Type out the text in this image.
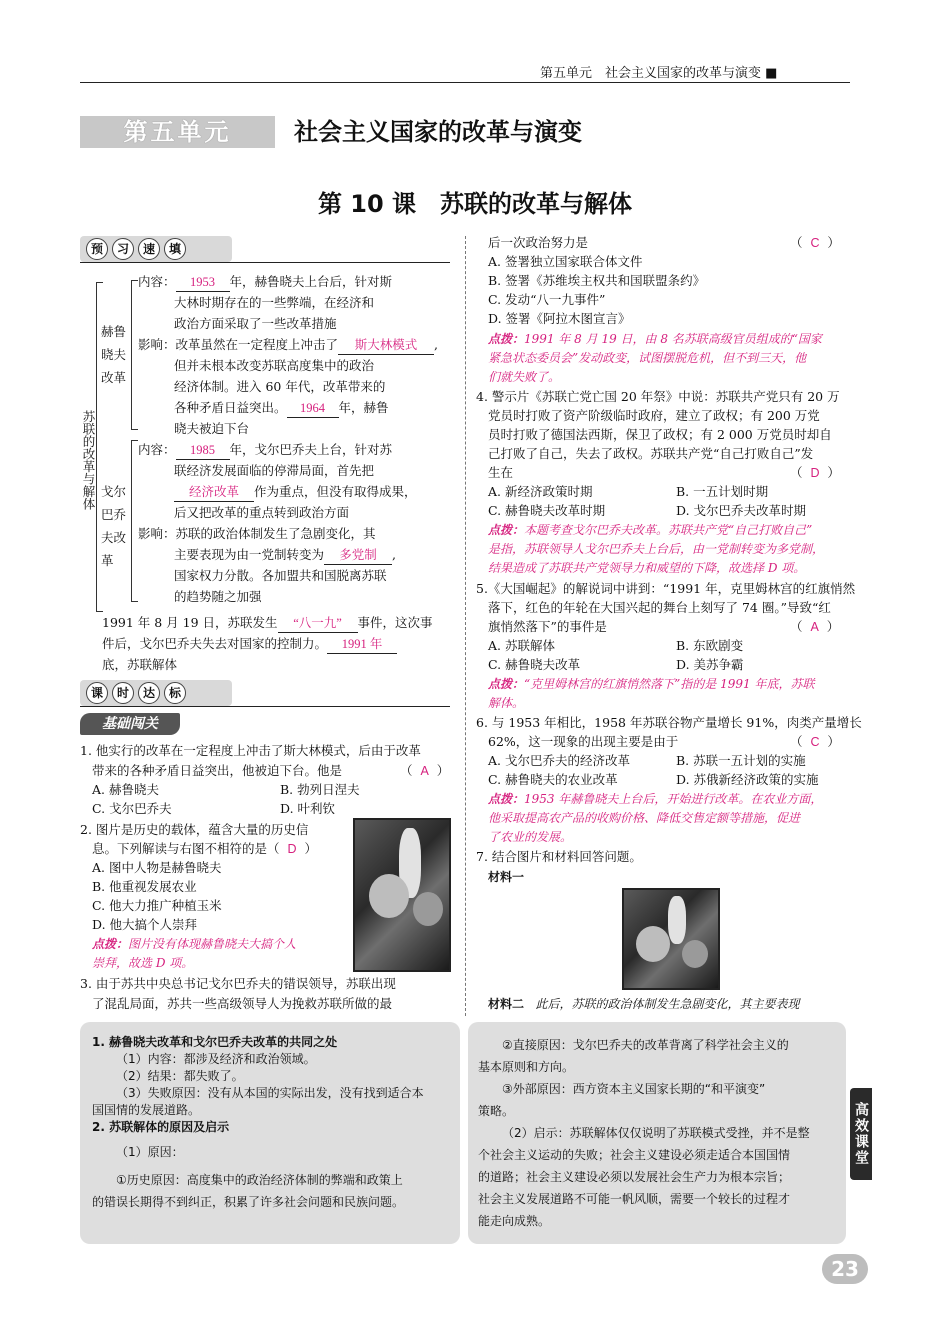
第五单元　社会主义国家的改革与演变 ■
第五单元	社会主义国家的改革与演变
第 10 课　苏联的改革与解体
预	习	速	填
苏联的改革与解体
赫鲁晓夫改革
戈尔巴乔夫改革
内容： 1953 年，赫鲁晓夫上台后，针对斯
大林时期存在的一些弊端，在经济和
政治方面采取了一些改革措施
影响：改革虽然在一定程度上冲击了 斯大林模式 ,
但并未根本改变苏联高度集中的政治
经济体制。进入 60 年代，改革带来的
各种矛盾日益突出。 1964 年，赫鲁
晓夫被迫下台
内容： 1985 年，戈尔巴乔夫上台，针对苏
联经济发展面临的停滞局面，首先把
经济改革 作为重点，但没有取得成果，
后又把改革的重点转到政治方面
影响：苏联的政治体制发生了急剧变化，其
主要表现为由一党制转变为 多党制 ,
国家权力分散。各加盟共和国脱离苏联
的趋势随之加强
1991 年 8 月 19 日，苏联发生 “八一九” 事件，这次事
件后，戈尔巴乔夫失去对国家的控制力。 1991 年
底，苏联解体
课	时	达	标
基础闯关
1. 他实行的改革在一定程度上冲击了斯大林模式，后由于改革
带来的各种矛盾日益突出，他被迫下台。他是	（  A  ）
A. 赫鲁晓夫	B. 勃列日涅夫
C. 戈尔巴乔夫	D. 叶利钦
2. 图片是历史的载体，蕴含大量的历史信
息。下列解读与右图不相符的是（ D  ）
A. 图中人物是赫鲁晓夫
B. 他重视发展农业
C. 他大力推广种植玉米
D. 他大搞个人崇拜
点拨：图片没有体现赫鲁晓夫大搞个人
崇拜，故选 D 项。
3. 由于苏共中央总书记戈尔巴乔夫的错误领导，苏联出现
了混乱局面，苏共一些高级领导人为挽救苏联所做的最
后一次政治努力是	（  C  ）
A. 签署独立国家联合体文件
B. 签署《苏维埃主权共和国联盟条约》
C. 发动“八一九事件”
D. 签署《阿拉木图宣言》
点拨：1991 年 8 月 19 日，由 8 名苏联高级官员组成的“国家
紧急状态委员会”发动政变，试图摆脱危机，但不到三天，他
们就失败了。
4. 警示片《苏联亡党亡国 20 年祭》中说：苏联共产党只有 20 万
党员时打败了资产阶级临时政府，建立了政权；有 200 万党
员时打败了德国法西斯，保卫了政权；有 2 000 万党员时却自
己打败了自己，失去了政权。苏联共产党“自己打败自己”发
生在	（  D  ）
A. 新经济政策时期	B. 一五计划时期
C. 赫鲁晓夫改革时期	D. 戈尔巴乔夫改革时期
点拨：本题考查戈尔巴乔夫改革。苏联共产党“自己打败自己”
是指，苏联领导人戈尔巴乔夫上台后，由一党制转变为多党制，
结果造成了苏联共产党领导力和威望的下降，故选择 D 项。
5.《大国崛起》的解说词中讲到：“1991 年，克里姆林宫的红旗悄然
落下，红色的年轮在大国兴起的舞台上刻写了 74 圈。”导致“红
旗悄然落下”的事件是	（  A  ）
A. 苏联解体	B. 东欧剧变
C. 赫鲁晓夫改革	D. 美苏争霸
点拨：“克里姆林宫的红旗悄然落下”指的是 1991 年底，苏联
解体。
6. 与 1953 年相比，1958 年苏联谷物产量增长 91%，肉类产量增长
62%，这一现象的出现主要是由于	（  C  ）
A. 戈尔巴乔夫的经济改革	B. 苏联一五计划的实施
C. 赫鲁晓夫的农业改革	D. 苏俄新经济政策的实施
点拨：1953 年赫鲁晓夫上台后，开始进行改革。在农业方面，
他采取提高农产品的收购价格、降低交售定额等措施，促进
了农业的发展。
7. 结合图片和材料回答问题。
材料一
材料二 此后，苏联的政治体制发生急剧变化，其主要表现
1. 赫鲁晓夫改革和戈尔巴乔夫改革的共同之处
（1）内容：都涉及经济和政治领域。
（2）结果：都失败了。
（3）失败原因：没有从本国的实际出发，没有找到适合本
国国情的发展道路。
2. 苏联解体的原因及启示
（1）原因：
①历史原因：高度集中的政治经济体制的弊端和政策上
的错误长期得不到纠正，积累了许多社会问题和民族问题。
②直接原因：戈尔巴乔夫的改革背离了科学社会主义的
基本原则和方向。
③外部原因：西方资本主义国家长期的“和平演变”
策略。
（2）启示：苏联解体仅仅说明了苏联模式受挫，并不是整
个社会主义运动的失败；社会主义建设必须走适合本国国情
的道路；社会主义建设必须以发展社会生产力为根本宗旨；
社会主义发展道路不可能一帆风顺，需要一个较长的过程才
能走向成熟。
高效课堂
23
